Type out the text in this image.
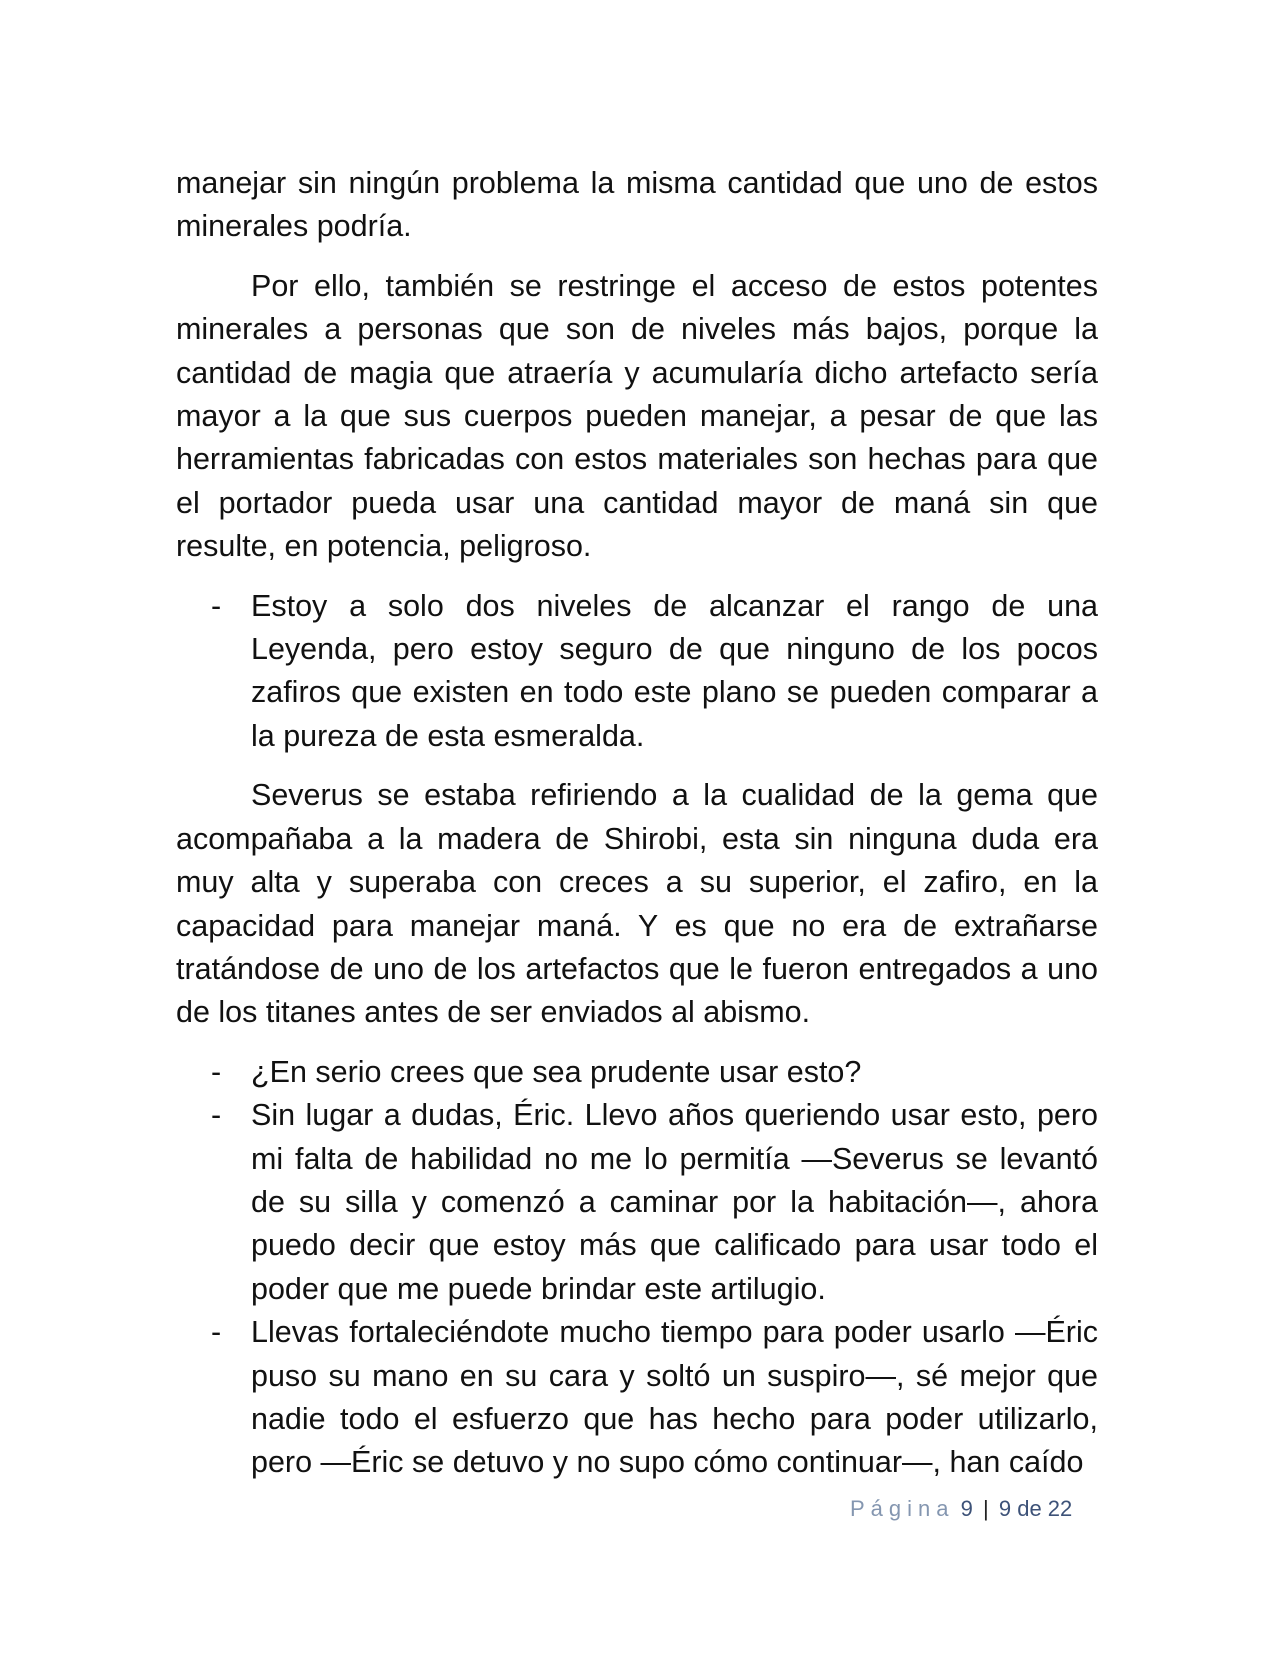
manejar sin ningún problema la misma cantidad que uno de estos minerales podría.

Por ello, también se restringe el acceso de estos potentes minerales a personas que son de niveles más bajos, porque la cantidad de magia que atraería y acumularía dicho artefacto sería mayor a la que sus cuerpos pueden manejar, a pesar de que las herramientas fabricadas con estos materiales son hechas para que el portador pueda usar una cantidad mayor de maná sin que resulte, en potencia, peligroso.

- Estoy a solo dos niveles de alcanzar el rango de una Leyenda, pero estoy seguro de que ninguno de los pocos zafiros que existen en todo este plano se pueden comparar a la pureza de esta esmeralda.

Severus se estaba refiriendo a la cualidad de la gema que acompañaba a la madera de Shirobi, esta sin ninguna duda era muy alta y superaba con creces a su superior, el zafiro, en la capacidad para manejar maná. Y es que no era de extrañarse tratándose de uno de los artefactos que le fueron entregados a uno de los titanes antes de ser enviados al abismo.

- ¿En serio crees que sea prudente usar esto?
- Sin lugar a dudas, Éric. Llevo años queriendo usar esto, pero mi falta de habilidad no me lo permitía —Severus se levantó de su silla y comenzó a caminar por la habitación—, ahora puedo decir que estoy más que calificado para usar todo el poder que me puede brindar este artilugio.
- Llevas fortaleciéndote mucho tiempo para poder usarlo —Éric puso su mano en su cara y soltó un suspiro—, sé mejor que nadie todo el esfuerzo que has hecho para poder utilizarlo, pero —Éric se detuvo y no supo cómo continuar—, han caído
Página 9 | 9 de 22
